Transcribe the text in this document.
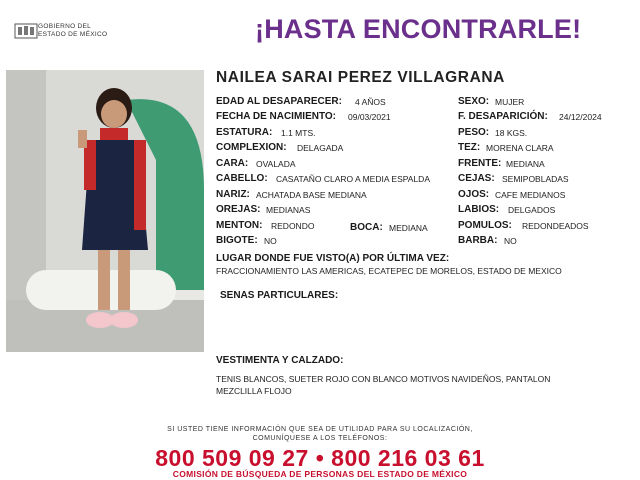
GOBIERNO DEL
ESTADO DE MÉXICO	¡HASTA ENCONTRARLE!
NAILEA SARAI PEREZ VILLAGRANA
EDAD AL DESAPARECER: 4 AÑOS
FECHA DE NACIMIENTO: 09/03/2021
ESTATURA: 1.1 MTS.
COMPLEXION: DELAGADA
CARA: OVALADA
CABELLO: CASATAÑO CLARO A MEDIA ESPALDA
NARIZ: ACHATADA BASE MEDIANA
OREJAS: MEDIANAS
MENTON: REDONDO	BOCA: MEDIANA
BIGOTE: NO
SEXO: MUJER
F. DESAPARICIÓN: 24/12/2024
PESO: 18 KGS.
TEZ: MORENA CLARA
FRENTE: MEDIANA
CEJAS: SEMIPOBLADAS
OJOS: CAFE MEDIANOS
LABIOS: DELGADOS
POMULOS: REDONDEADOS
BARBA: NO
LUGAR DONDE FUE VISTO(A) POR ÚLTIMA VEZ:
FRACCIONAMIENTO LAS AMERICAS, ECATEPEC DE MORELOS, ESTADO DE MEXICO
SENAS PARTICULARES:
VESTIMENTA Y CALZADO:
TENIS BLANCOS, SUETER ROJO CON BLANCO MOTIVOS NAVIDEÑOS, PANTALON
MEZCLILLA FLOJO
SI USTED TIENE INFORMACIÓN QUE SEA DE UTILIDAD PARA SU LOCALIZACIÓN,
COMUNÍQUESE A LOS TELÉFONOS:
800 509 09 27 • 800 216 03 61
COMISIÓN DE BÚSQUEDA DE PERSONAS DEL ESTADO DE MÉXICO
